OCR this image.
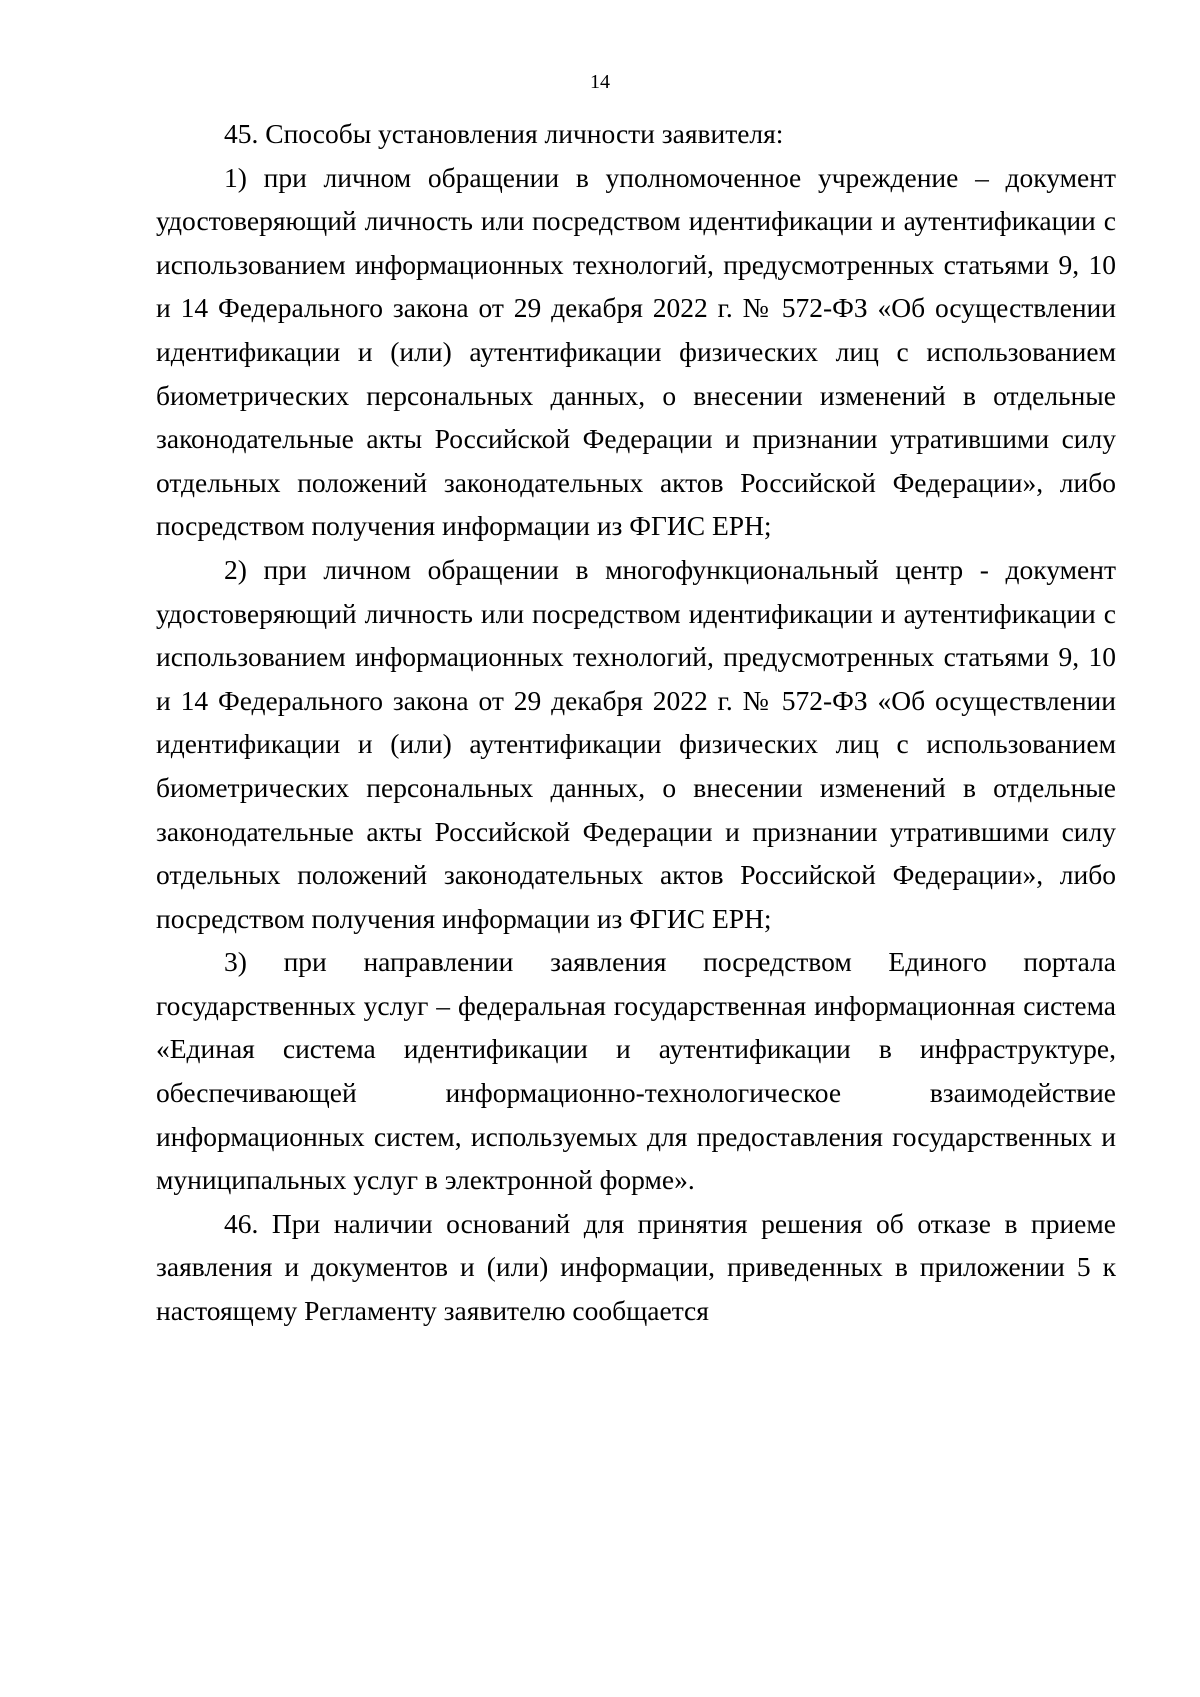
14

45. Способы установления личности заявителя:

1) при личном обращении в уполномоченное учреждение – документ удостоверяющий личность или посредством идентификации и аутентификации с использованием информационных технологий, предусмотренных статьями 9, 10 и 14 Федерального закона от 29 декабря 2022 г. № 572-ФЗ «Об осуществлении идентификации и (или) аутентификации физических лиц с использованием биометрических персональных данных, о внесении изменений в отдельные законодательные акты Российской Федерации и признании утратившими силу отдельных положений законодательных актов Российской Федерации», либо посредством получения информации из ФГИС ЕРН;

2) при личном обращении в многофункциональный центр - документ удостоверяющий личность или посредством идентификации и аутентификации с использованием информационных технологий, предусмотренных статьями 9, 10 и 14 Федерального закона от 29 декабря 2022 г. № 572-ФЗ «Об осуществлении идентификации и (или) аутентификации физических лиц с использованием биометрических персональных данных, о внесении изменений в отдельные законодательные акты Российской Федерации и признании утратившими силу отдельных положений законодательных актов Российской Федерации», либо посредством получения информации из ФГИС ЕРН;

3) при направлении заявления посредством Единого портала государственных услуг – федеральная государственная информационная система «Единая система идентификации и аутентификации в инфраструктуре, обеспечивающей информационно-технологическое взаимодействие информационных систем, используемых для предоставления государственных и муниципальных услуг в электронной форме».

46. При наличии оснований для принятия решения об отказе в приеме заявления и документов и (или) информации, приведенных в приложении 5 к настоящему Регламенту заявителю сообщается
